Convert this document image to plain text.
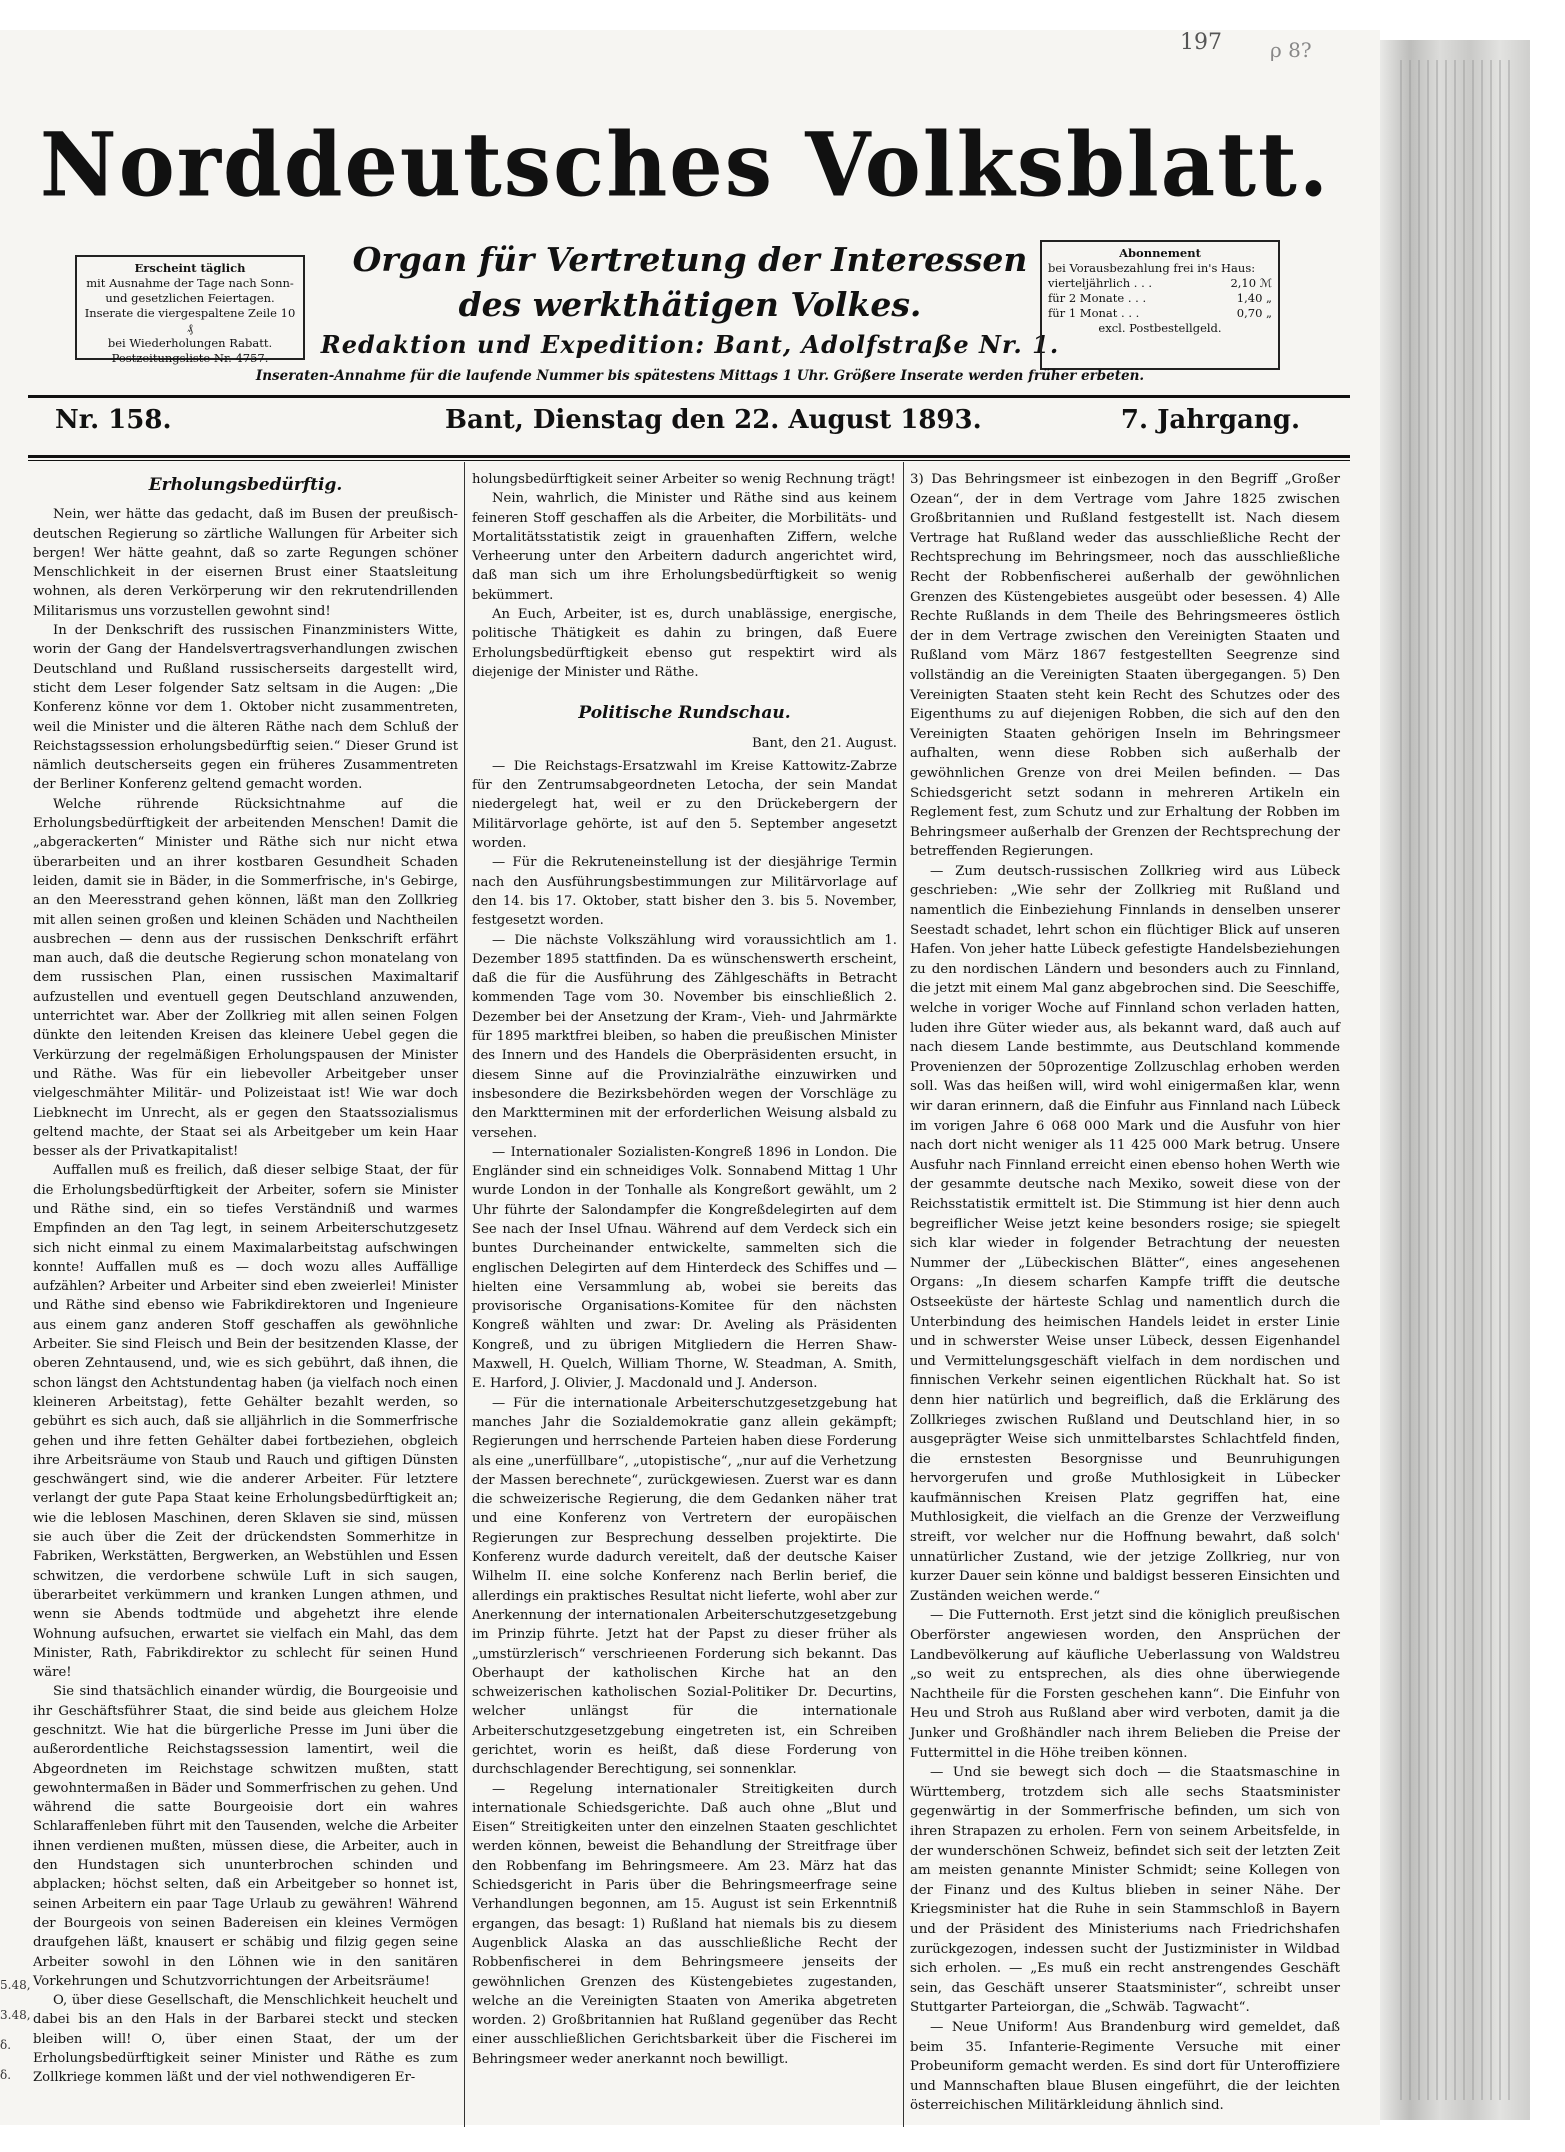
197 ρ 8?
Norddeutsches Volksblatt.
Organ für Vertretung der Interessen
des werkthätigen Volkes.
Redaktion und Expedition: Bant, Adolfstraße Nr. 1.
Erscheint täglich
mit Ausnahme der Tage nach Sonn-
und gesetzlichen Feiertagen.
Inserate die viergespaltene Zeile 10 ₰
bei Wiederholungen Rabatt.
Postzeitungsliste Nr. 4757.
Abonnement
bei Vorausbezahlung frei in's Haus:
vierteljährlich . . .	2,10 ℳ
für 2 Monate . . .	1,40 „
für 1 Monat . . .	0,70 „
excl. Postbestellgeld.
Inseraten-Annahme für die laufende Nummer bis spätestens Mittags 1 Uhr. Größere Inserate werden früher erbeten.
Nr. 158.	Bant, Dienstag den 22. August 1893.	7. Jahrgang.
Erholungsbedürftig.

Nein, wer hätte das gedacht, daß im Busen der preußisch-deutschen Regierung so zärtliche Wallungen für Arbeiter sich bergen! Wer hätte geahnt, daß so zarte Regungen schöner Menschlichkeit in der eisernen Brust einer Staatsleitung wohnen, als deren Verkörperung wir den rekrutendrillenden Militarismus uns vorzustellen gewohnt sind!

In der Denkschrift des russischen Finanzministers Witte, worin der Gang der Handelsvertragsverhandlungen zwischen Deutschland und Rußland russischerseits dargestellt wird, sticht dem Leser folgender Satz seltsam in die Augen: „Die Konferenz könne vor dem 1. Oktober nicht zusammentreten, weil die Minister und die älteren Räthe nach dem Schluß der Reichstagssession erholungsbedürftig seien.“ Dieser Grund ist nämlich deutscherseits gegen ein früheres Zusammentreten der Berliner Konferenz geltend gemacht worden.

Welche rührende Rücksichtnahme auf die Erholungsbedürftigkeit der arbeitenden Menschen! Damit die „abgerackerten“ Minister und Räthe sich nur nicht etwa überarbeiten und an ihrer kostbaren Gesundheit Schaden leiden, damit sie in Bäder, in die Sommerfrische, in's Gebirge, an den Meeresstrand gehen können, läßt man den Zollkrieg mit allen seinen großen und kleinen Schäden und Nachtheilen ausbrechen — denn aus der russischen Denkschrift erfährt man auch, daß die deutsche Regierung schon monatelang von dem russischen Plan, einen russischen Maximaltarif aufzustellen und eventuell gegen Deutschland anzuwenden, unterrichtet war. Aber der Zollkrieg mit allen seinen Folgen dünkte den leitenden Kreisen das kleinere Uebel gegen die Verkürzung der regelmäßigen Erholungspausen der Minister und Räthe. Was für ein liebevoller Arbeitgeber unser vielgeschmähter Militär- und Polizeistaat ist! Wie war doch Liebknecht im Unrecht, als er gegen den Staatssozialismus geltend machte, der Staat sei als Arbeitgeber um kein Haar besser als der Privatkapitalist!

Auffallen muß es freilich, daß dieser selbige Staat, der für die Erholungsbedürftigkeit der Arbeiter, sofern sie Minister und Räthe sind, ein so tiefes Verständniß und warmes Empfinden an den Tag legt, in seinem Arbeiterschutzgesetz sich nicht einmal zu einem Maximalarbeitstag aufschwingen konnte! Auffallen muß es — doch wozu alles Auffällige aufzählen? Arbeiter und Arbeiter sind eben zweierlei! Minister und Räthe sind ebenso wie Fabrikdirektoren und Ingenieure aus einem ganz anderen Stoff geschaffen als gewöhnliche Arbeiter. Sie sind Fleisch und Bein der besitzenden Klasse, der oberen Zehntausend, und, wie es sich gebührt, daß ihnen, die schon längst den Achtstundentag haben (ja vielfach noch einen kleineren Arbeitstag), fette Gehälter bezahlt werden, so gebührt es sich auch, daß sie alljährlich in die Sommerfrische gehen und ihre fetten Gehälter dabei fortbeziehen, obgleich ihre Arbeitsräume von Staub und Rauch und giftigen Dünsten geschwängert sind, wie die anderer Arbeiter. Für letztere verlangt der gute Papa Staat keine Erholungsbedürftigkeit an; wie die leblosen Maschinen, deren Sklaven sie sind, müssen sie auch über die Zeit der drückendsten Sommerhitze in Fabriken, Werkstätten, Bergwerken, an Webstühlen und Essen schwitzen, die verdorbene schwüle Luft in sich saugen, überarbeitet verkümmern und kranken Lungen athmen, und wenn sie Abends todtmüde und abgehetzt ihre elende Wohnung aufsuchen, erwartet sie vielfach ein Mahl, das dem Minister, Rath, Fabrikdirektor zu schlecht für seinen Hund wäre!

Sie sind thatsächlich einander würdig, die Bourgeoisie und ihr Geschäftsführer Staat, die sind beide aus gleichem Holze geschnitzt. Wie hat die bürgerliche Presse im Juni über die außerordentliche Reichstagssession lamentirt, weil die Abgeordneten im Reichstage schwitzen mußten, statt gewohntermaßen in Bäder und Sommerfrischen zu gehen. Und während die satte Bourgeoisie dort ein wahres Schlaraffenleben führt mit den Tausenden, welche die Arbeiter ihnen verdienen mußten, müssen diese, die Arbeiter, auch in den Hundstagen sich ununterbrochen schinden und abplacken; höchst selten, daß ein Arbeitgeber so honnet ist, seinen Arbeitern ein paar Tage Urlaub zu gewähren! Während der Bourgeois von seinen Badereisen ein kleines Vermögen draufgehen läßt, knausert er schäbig und filzig gegen seine Arbeiter sowohl in den Löhnen wie in den sanitären Vorkehrungen und Schutzvorrichtungen der Arbeitsräume!

O, über diese Gesellschaft, die Menschlichkeit heuchelt und dabei bis an den Hals in der Barbarei steckt und stecken bleiben will! O, über einen Staat, der um der Erholungsbedürftigkeit seiner Minister und Räthe es zum Zollkriege kommen läßt und der viel nothwendigeren Er-

holungsbedürftigkeit seiner Arbeiter so wenig Rechnung trägt!

Nein, wahrlich, die Minister und Räthe sind aus keinem feineren Stoff geschaffen als die Arbeiter, die Morbilitäts- und Mortalitätsstatistik zeigt in grauenhaften Ziffern, welche Verheerung unter den Arbeitern dadurch angerichtet wird, daß man sich um ihre Erholungsbedürftigkeit so wenig bekümmert.

An Euch, Arbeiter, ist es, durch unablässige, energische, politische Thätigkeit es dahin zu bringen, daß Euere Erholungsbedürftigkeit ebenso gut respektirt wird als diejenige der Minister und Räthe.

Politische Rundschau.

Bant, den 21. August.

— Die Reichstags-Ersatzwahl im Kreise Kattowitz-Zabrze für den Zentrumsabgeordneten Letocha, der sein Mandat niedergelegt hat, weil er zu den Drückebergern der Militärvorlage gehörte, ist auf den 5. September angesetzt worden.

— Für die Rekruteneinstellung ist der diesjährige Termin nach den Ausführungsbestimmungen zur Militärvorlage auf den 14. bis 17. Oktober, statt bisher den 3. bis 5. November, festgesetzt worden.

— Die nächste Volkszählung wird voraussichtlich am 1. Dezember 1895 stattfinden. Da es wünschenswerth erscheint, daß die für die Ausführung des Zählgeschäfts in Betracht kommenden Tage vom 30. November bis einschließlich 2. Dezember bei der Ansetzung der Kram-, Vieh- und Jahrmärkte für 1895 marktfrei bleiben, so haben die preußischen Minister des Innern und des Handels die Oberpräsidenten ersucht, in diesem Sinne auf die Provinzialräthe einzuwirken und insbesondere die Bezirksbehörden wegen der Vorschläge zu den Marktterminen mit der erforderlichen Weisung alsbald zu versehen.

— Internationaler Sozialisten-Kongreß 1896 in London. Die Engländer sind ein schneidiges Volk. Sonnabend Mittag 1 Uhr wurde London in der Tonhalle als Kongreßort gewählt, um 2 Uhr führte der Salondampfer die Kongreßdelegirten auf dem See nach der Insel Ufnau. Während auf dem Verdeck sich ein buntes Durcheinander entwickelte, sammelten sich die englischen Delegirten auf dem Hinterdeck des Schiffes und — hielten eine Versammlung ab, wobei sie bereits das provisorische Organisations-Komitee für den nächsten Kongreß wählten und zwar: Dr. Aveling als Präsidenten Kongreß, und zu übrigen Mitgliedern die Herren Shaw-Maxwell, H. Quelch, William Thorne, W. Steadman, A. Smith, E. Harford, J. Olivier, J. Macdonald und J. Anderson.

— Für die internationale Arbeiterschutzgesetzgebung hat manches Jahr die Sozialdemokratie ganz allein gekämpft; Regierungen und herrschende Parteien haben diese Forderung als eine „unerfüllbare“, „utopistische“, „nur auf die Verhetzung der Massen berechnete“, zurückgewiesen. Zuerst war es dann die schweizerische Regierung, die dem Gedanken näher trat und eine Konferenz von Vertretern der europäischen Regierungen zur Besprechung desselben projektirte. Die Konferenz wurde dadurch vereitelt, daß der deutsche Kaiser Wilhelm II. eine solche Konferenz nach Berlin berief, die allerdings ein praktisches Resultat nicht lieferte, wohl aber zur Anerkennung der internationalen Arbeiterschutzgesetzgebung im Prinzip führte. Jetzt hat der Papst zu dieser früher als „umstürzlerisch“ verschrieenen Forderung sich bekannt. Das Oberhaupt der katholischen Kirche hat an den schweizerischen katholischen Sozial-Politiker Dr. Decurtins, welcher unlängst für die internationale Arbeiterschutzgesetzgebung eingetreten ist, ein Schreiben gerichtet, worin es heißt, daß diese Forderung von durchschlagender Berechtigung, sei sonnenklar.

— Regelung internationaler Streitigkeiten durch internationale Schiedsgerichte. Daß auch ohne „Blut und Eisen“ Streitigkeiten unter den einzelnen Staaten geschlichtet werden können, beweist die Behandlung der Streitfrage über den Robbenfang im Behringsmeere. Am 23. März hat das Schiedsgericht in Paris über die Behringsmeerfrage seine Verhandlungen begonnen, am 15. August ist sein Erkenntniß ergangen, das besagt: 1) Rußland hat niemals bis zu diesem Augenblick Alaska an das ausschließliche Recht der Robbenfischerei in dem Behringsmeere jenseits der gewöhnlichen Grenzen des Küstengebietes zugestanden, welche an die Vereinigten Staaten von Amerika abgetreten worden. 2) Großbritannien hat Rußland gegenüber das Recht einer ausschließlichen Gerichtsbarkeit über die Fischerei im Behringsmeer weder anerkannt noch bewilligt.

3) Das Behringsmeer ist einbezogen in den Begriff „Großer Ozean“, der in dem Vertrage vom Jahre 1825 zwischen Großbritannien und Rußland festgestellt ist. Nach diesem Vertrage hat Rußland weder das ausschließliche Recht der Rechtsprechung im Behringsmeer, noch das ausschließliche Recht der Robbenfischerei außerhalb der gewöhnlichen Grenzen des Küstengebietes ausgeübt oder besessen. 4) Alle Rechte Rußlands in dem Theile des Behringsmeeres östlich der in dem Vertrage zwischen den Vereinigten Staaten und Rußland vom März 1867 festgestellten Seegrenze sind vollständig an die Vereinigten Staaten übergegangen. 5) Den Vereinigten Staaten steht kein Recht des Schutzes oder des Eigenthums zu auf diejenigen Robben, die sich auf den den Vereinigten Staaten gehörigen Inseln im Behringsmeer aufhalten, wenn diese Robben sich außerhalb der gewöhnlichen Grenze von drei Meilen befinden. — Das Schiedsgericht setzt sodann in mehreren Artikeln ein Reglement fest, zum Schutz und zur Erhaltung der Robben im Behringsmeer außerhalb der Grenzen der Rechtsprechung der betreffenden Regierungen.

— Zum deutsch-russischen Zollkrieg wird aus Lübeck geschrieben: „Wie sehr der Zollkrieg mit Rußland und namentlich die Einbeziehung Finnlands in denselben unserer Seestadt schadet, lehrt schon ein flüchtiger Blick auf unseren Hafen. Von jeher hatte Lübeck gefestigte Handelsbeziehungen zu den nordischen Ländern und besonders auch zu Finnland, die jetzt mit einem Mal ganz abgebrochen sind. Die Seeschiffe, welche in voriger Woche auf Finnland schon verladen hatten, luden ihre Güter wieder aus, als bekannt ward, daß auch auf nach diesem Lande bestimmte, aus Deutschland kommende Provenienzen der 50prozentige Zollzuschlag erhoben werden soll. Was das heißen will, wird wohl einigermaßen klar, wenn wir daran erinnern, daß die Einfuhr aus Finnland nach Lübeck im vorigen Jahre 6 068 000 Mark und die Ausfuhr von hier nach dort nicht weniger als 11 425 000 Mark betrug. Unsere Ausfuhr nach Finnland erreicht einen ebenso hohen Werth wie der gesammte deutsche nach Mexiko, soweit diese von der Reichsstatistik ermittelt ist. Die Stimmung ist hier denn auch begreiflicher Weise jetzt keine besonders rosige; sie spiegelt sich klar wieder in folgender Betrachtung der neuesten Nummer der „Lübeckischen Blätter“, eines angesehenen Organs: „In diesem scharfen Kampfe trifft die deutsche Ostseeküste der härteste Schlag und namentlich durch die Unterbindung des heimischen Handels leidet in erster Linie und in schwerster Weise unser Lübeck, dessen Eigenhandel und Vermittelungsgeschäft vielfach in dem nordischen und finnischen Verkehr seinen eigentlichen Rückhalt hat. So ist denn hier natürlich und begreiflich, daß die Erklärung des Zollkrieges zwischen Rußland und Deutschland hier, in so ausgeprägter Weise sich unmittelbarstes Schlachtfeld finden, die ernstesten Besorgnisse und Beunruhigungen hervorgerufen und große Muthlosigkeit in Lübecker kaufmännischen Kreisen Platz gegriffen hat, eine Muthlosigkeit, die vielfach an die Grenze der Verzweiflung streift, vor welcher nur die Hoffnung bewahrt, daß solch' unnatürlicher Zustand, wie der jetzige Zollkrieg, nur von kurzer Dauer sein könne und baldigst besseren Einsichten und Zuständen weichen werde.“

— Die Futternoth. Erst jetzt sind die königlich preußischen Oberförster angewiesen worden, den Ansprüchen der Landbevölkerung auf käufliche Ueberlassung von Waldstreu „so weit zu entsprechen, als dies ohne überwiegende Nachtheile für die Forsten geschehen kann“. Die Einfuhr von Heu und Stroh aus Rußland aber wird verboten, damit ja die Junker und Großhändler nach ihrem Belieben die Preise der Futtermittel in die Höhe treiben können.

— Und sie bewegt sich doch — die Staatsmaschine in Württemberg, trotzdem sich alle sechs Staatsminister gegenwärtig in der Sommerfrische befinden, um sich von ihren Strapazen zu erholen. Fern von seinem Arbeitsfelde, in der wunderschönen Schweiz, befindet sich seit der letzten Zeit am meisten genannte Minister Schmidt; seine Kollegen von der Finanz und des Kultus blieben in seiner Nähe. Der Kriegsminister hat die Ruhe in sein Stammschloß in Bayern und der Präsident des Ministeriums nach Friedrichshafen zurückgezogen, indessen sucht der Justizminister in Wildbad sich erholen. — „Es muß ein recht anstrengendes Geschäft sein, das Geschäft unserer Staatsminister“, schreibt unser Stuttgarter Parteiorgan, die „Schwäb. Tagwacht“.

— Neue Uniform! Aus Brandenburg wird gemeldet, daß beim 35. Infanterie-Regimente Versuche mit einer Probeuniform gemacht werden. Es sind dort für Unteroffiziere und Mannschaften blaue Blusen eingeführt, die der leichten österreichischen Militärkleidung ähnlich sind.

5.48,
3.48,
δ.
δ.
